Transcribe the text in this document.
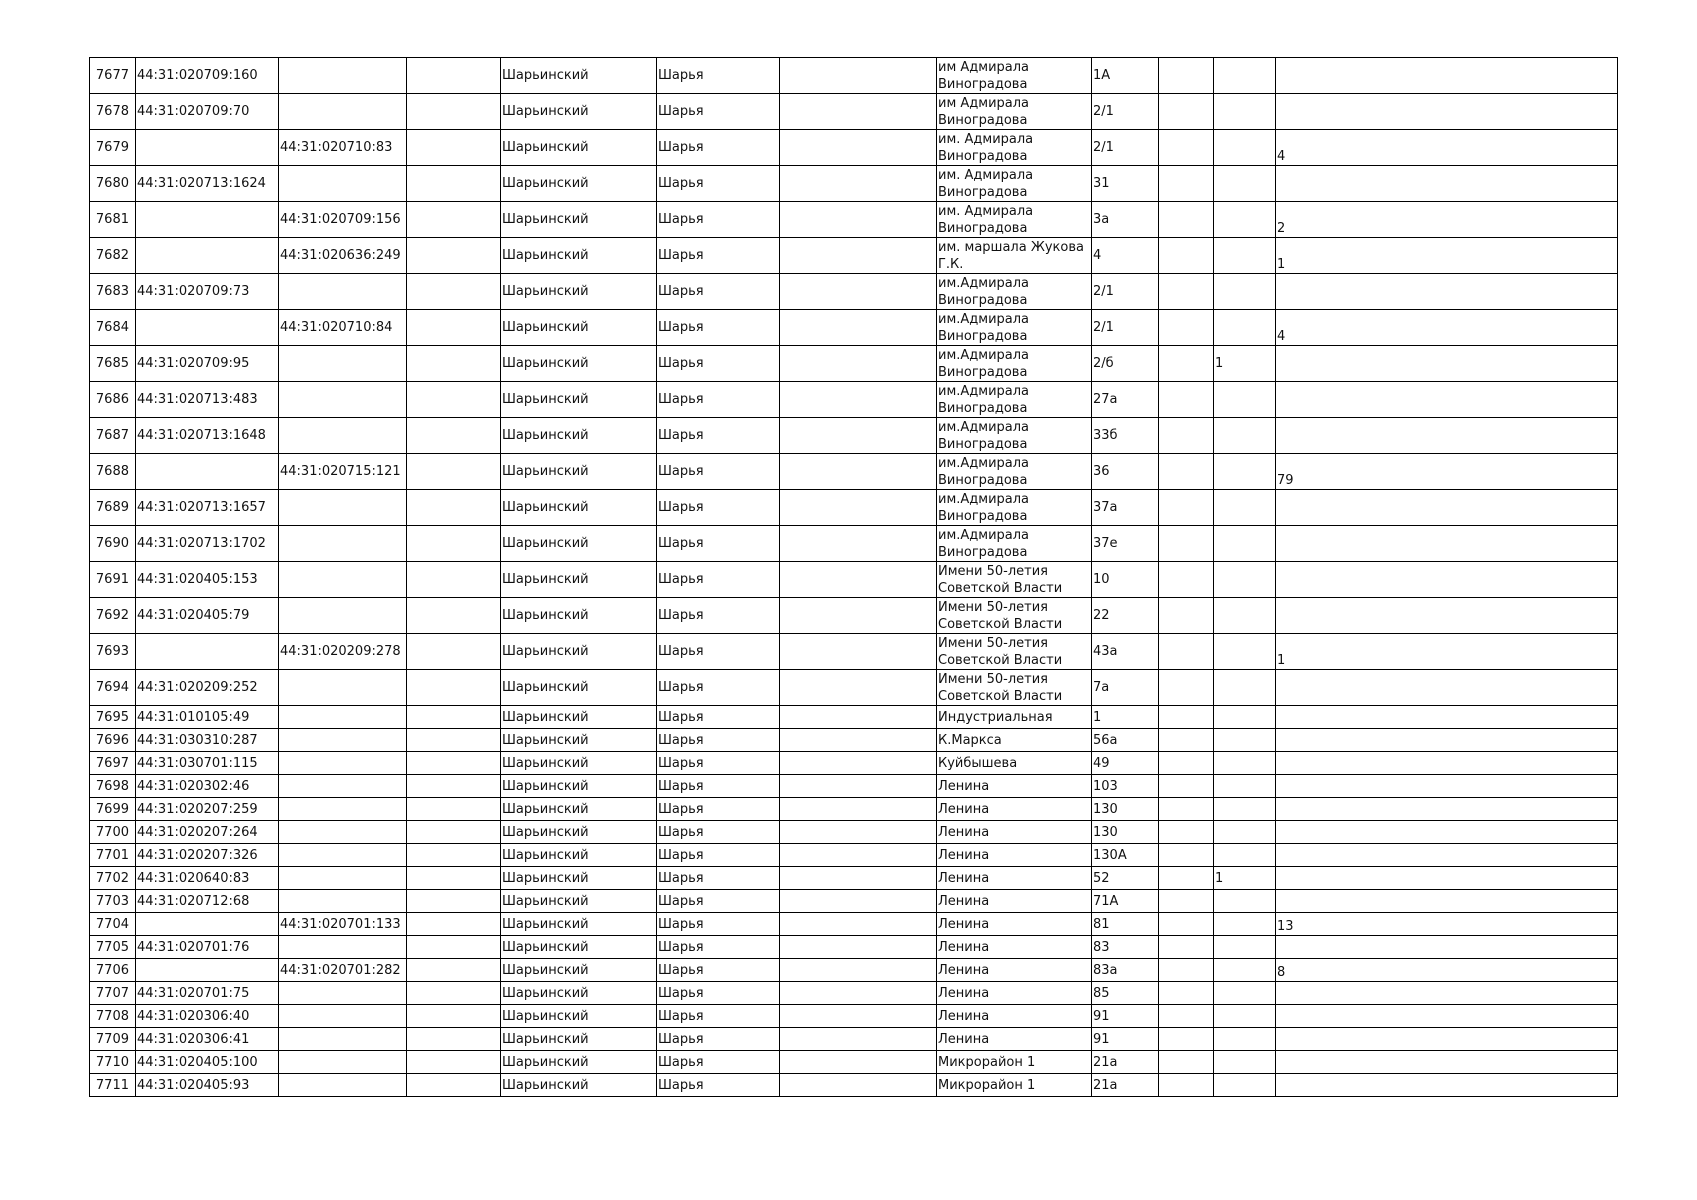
7677	44:31:020709:160			Шарьинский	Шарья		им Адмирала Виноградова	1А			
7678	44:31:020709:70			Шарьинский	Шарья		им Адмирала Виноградова	2/1			
7679		44:31:020710:83		Шарьинский	Шарья		им. Адмирала Виноградова	2/1			4
7680	44:31:020713:1624			Шарьинский	Шарья		им. Адмирала Виноградова	31			
7681		44:31:020709:156		Шарьинский	Шарья		им. Адмирала Виноградова	3а			2
7682		44:31:020636:249		Шарьинский	Шарья		им. маршала Жукова Г.К.	4			1
7683	44:31:020709:73			Шарьинский	Шарья		им.Адмирала Виноградова	2/1			
7684		44:31:020710:84		Шарьинский	Шарья		им.Адмирала Виноградова	2/1			4
7685	44:31:020709:95			Шарьинский	Шарья		им.Адмирала Виноградова	2/б		1	
7686	44:31:020713:483			Шарьинский	Шарья		им.Адмирала Виноградова	27а			
7687	44:31:020713:1648			Шарьинский	Шарья		им.Адмирала Виноградова	33б			
7688		44:31:020715:121		Шарьинский	Шарья		им.Адмирала Виноградова	36			79
7689	44:31:020713:1657			Шарьинский	Шарья		им.Адмирала Виноградова	37а			
7690	44:31:020713:1702			Шарьинский	Шарья		им.Адмирала Виноградова	37е			
7691	44:31:020405:153			Шарьинский	Шарья		Имени 50-летия Советской Власти	10			
7692	44:31:020405:79			Шарьинский	Шарья		Имени 50-летия Советской Власти	22			
7693		44:31:020209:278		Шарьинский	Шарья		Имени 50-летия Советской Власти	43а			1
7694	44:31:020209:252			Шарьинский	Шарья		Имени 50-летия Советской Власти	7а			
7695	44:31:010105:49			Шарьинский	Шарья		Индустриальная	1			
7696	44:31:030310:287			Шарьинский	Шарья		К.Маркса	56а			
7697	44:31:030701:115			Шарьинский	Шарья		Куйбышева	49			
7698	44:31:020302:46			Шарьинский	Шарья		Ленина	103			
7699	44:31:020207:259			Шарьинский	Шарья		Ленина	130			
7700	44:31:020207:264			Шарьинский	Шарья		Ленина	130			
7701	44:31:020207:326			Шарьинский	Шарья		Ленина	130А			
7702	44:31:020640:83			Шарьинский	Шарья		Ленина	52		1	
7703	44:31:020712:68			Шарьинский	Шарья		Ленина	71А			
7704		44:31:020701:133		Шарьинский	Шарья		Ленина	81			13
7705	44:31:020701:76			Шарьинский	Шарья		Ленина	83			
7706		44:31:020701:282		Шарьинский	Шарья		Ленина	83а			8
7707	44:31:020701:75			Шарьинский	Шарья		Ленина	85			
7708	44:31:020306:40			Шарьинский	Шарья		Ленина	91			
7709	44:31:020306:41			Шарьинский	Шарья		Ленина	91			
7710	44:31:020405:100			Шарьинский	Шарья		Микрорайон 1	21а			
7711	44:31:020405:93			Шарьинский	Шарья		Микрорайон 1	21а			
